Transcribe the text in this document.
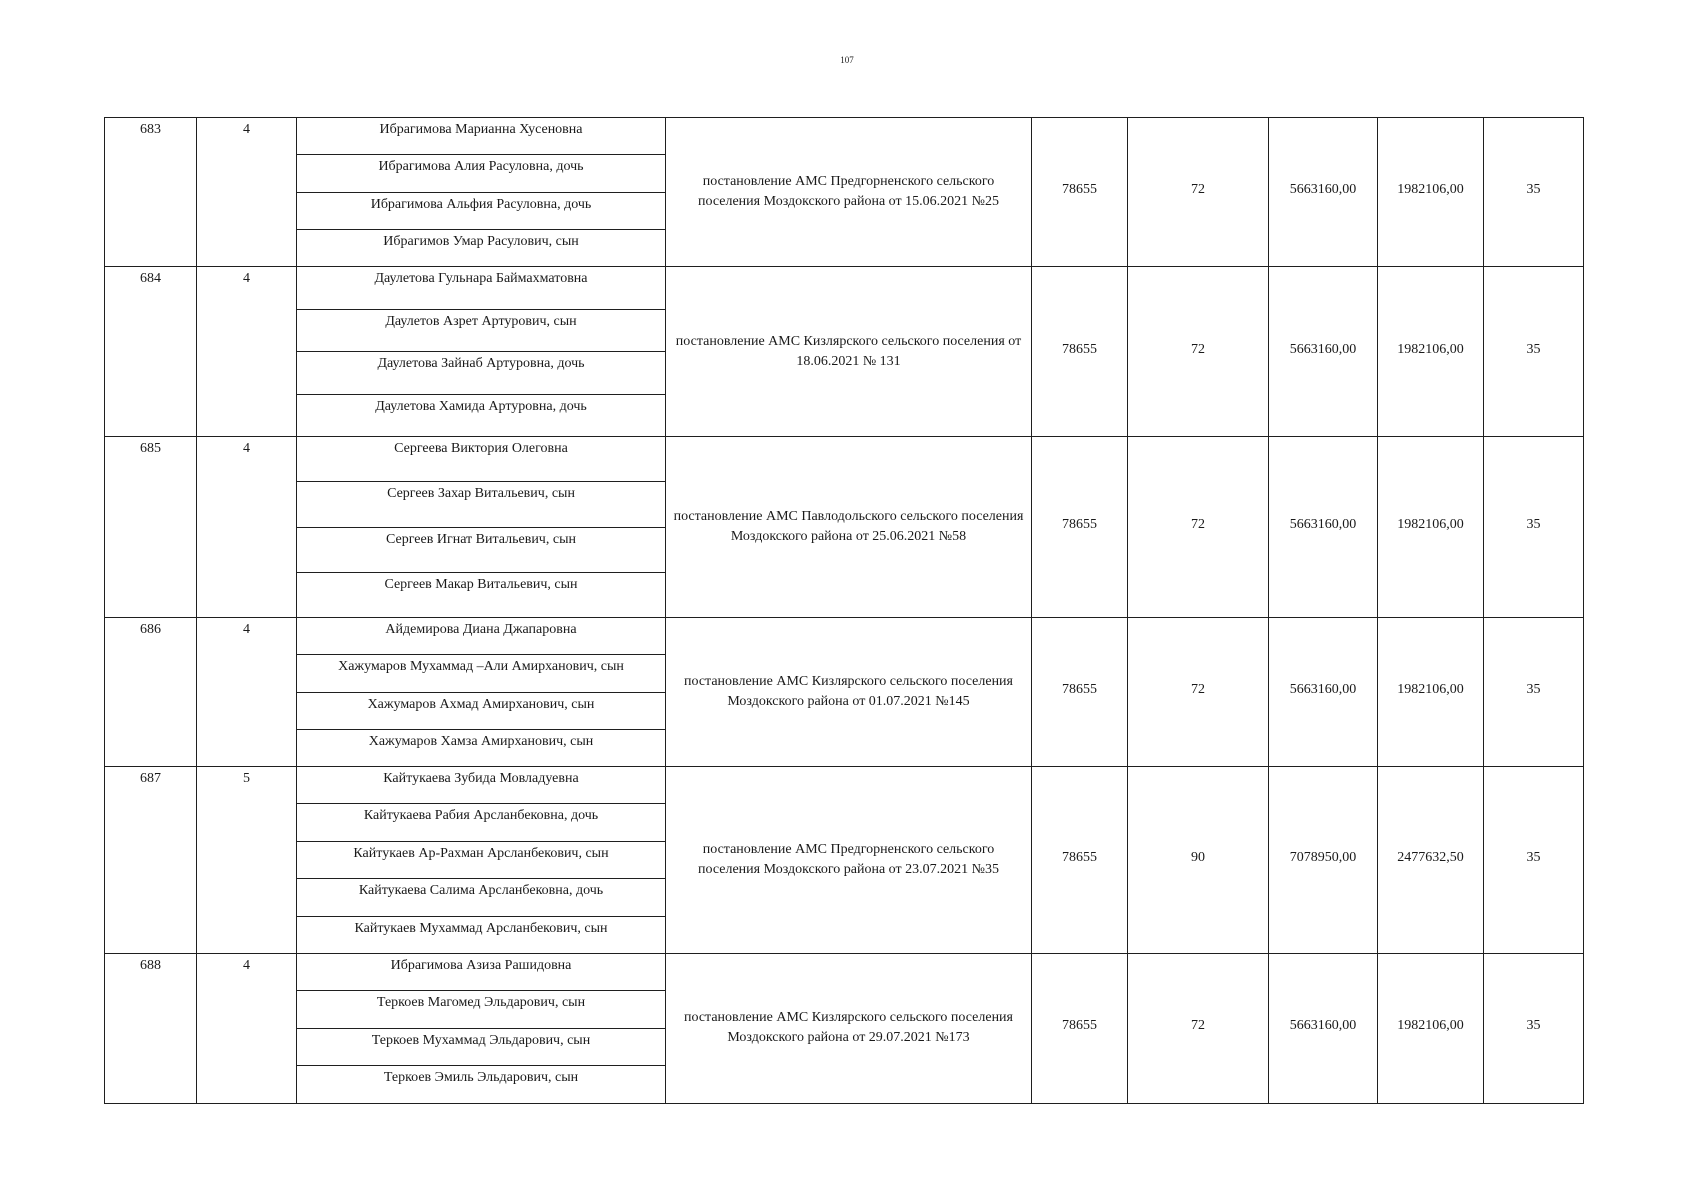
107
683	4	Ибрагимова Марианна Хусеновна	постановление АМС Предгорненского сельского поселения Моздокского района от 15.06.2021 №25	78655	72	5663160,00	1982106,00	35
		Ибрагимова Алия Расуловна, дочь						
		Ибрагимова Альфия Расуловна, дочь						
		Ибрагимов Умар Расулович, сын						
684	4	Даулетова Гульнара Баймахматовна	постановление АМС Кизлярского сельского поселения от 18.06.2021 № 131	78655	72	5663160,00	1982106,00	35
		Даулетов Азрет Артурович, сын						
		Даулетова Зайнаб Артуровна, дочь						
		Даулетова Хамида Артуровна, дочь						
685	4	Сергеева Виктория Олеговна	постановление АМС Павлодольского сельского поселения Моздокского района от 25.06.2021 №58	78655	72	5663160,00	1982106,00	35
		Сергеев Захар Витальевич, сын						
		Сергеев Игнат Витальевич, сын						
		Сергеев Макар Витальевич, сын						
686	4	Айдемирова Диана Джапаровна	постановление АМС Кизлярского сельского поселения Моздокского района от 01.07.2021 №145	78655	72	5663160,00	1982106,00	35
		Хажумаров Мухаммад –Али Амирханович, сын						
		Хажумаров Ахмад Амирханович, сын						
		Хажумаров Хамза Амирханович, сын						
687	5	Кайтукаева Зубида Мовладуевна	постановление АМС Предгорненского сельского поселения Моздокского района от 23.07.2021 №35	78655	90	7078950,00	2477632,50	35
		Кайтукаева Рабия Арсланбековна, дочь						
		Кайтукаев Ар-Рахман Арсланбекович, сын						
		Кайтукаева Салима Арсланбековна, дочь						
		Кайтукаев Мухаммад Арсланбекович, сын						
688	4	Ибрагимова Азиза Рашидовна	постановление АМС Кизлярского сельского поселения Моздокского района от 29.07.2021 №173	78655	72	5663160,00	1982106,00	35
		Теркоев Магомед Эльдарович, сын						
		Теркоев Мухаммад Эльдарович, сын						
		Теркоев Эмиль Эльдарович, сын						
